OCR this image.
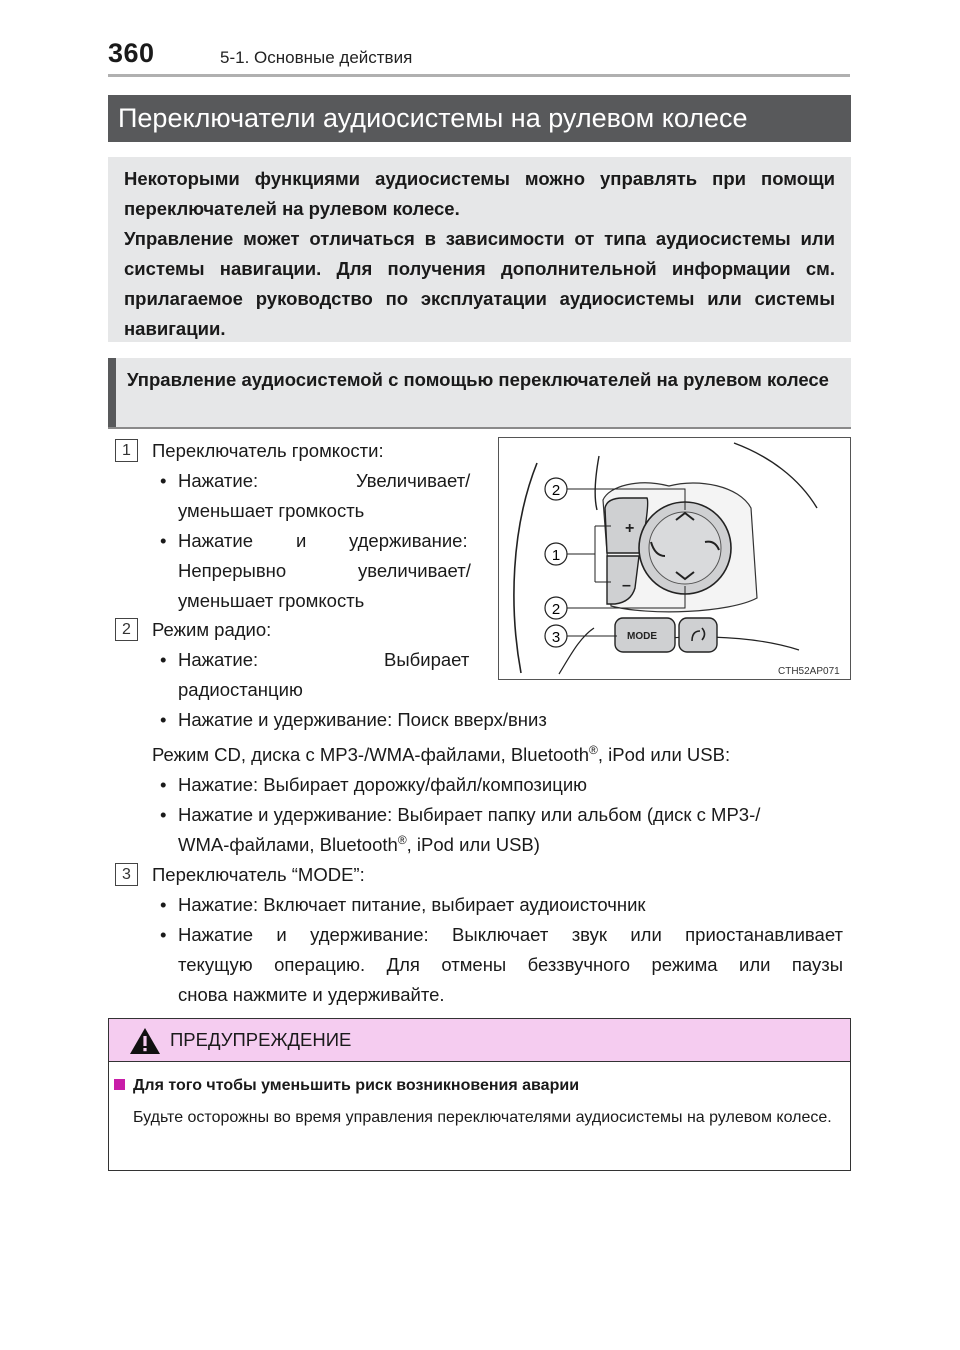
360	5-1. Основные действия
Переключатели аудиосистемы на рулевом колесе

Некоторыми функциями аудиосистемы можно управлять при помощи переключателей на рулевом колесе.

Управление может отличаться в зависимости от типа аудиосистемы или системы навигации. Для получения дополнительной информации см. прилагаемое руководство по эксплуатации аудиосистемы или системы навигации.

Управление аудиосистемой с помощью переключателей на рулевом колесе
1	Переключатель громкости:
• Нажатие:	Увеличивает/
уменьшает громкость
• Нажатие и удерживание:
Непрерывно	увеличивает/
уменьшает громкость
2	Режим радио:
• Нажатие:	Выбирает
радиостанцию
• Нажатие и удерживание: Поиск вверх/вниз
Режим CD, диска с MP3-/WMA-файлами, Bluetooth®, iPod или USB:
• Нажатие: Выбирает дорожку/файл/композицию
• Нажатие и удерживание: Выбирает папку или альбом (диск с MP3-/
WMA-файлами, Bluetooth®, iPod или USB)
3	Переключатель “MODE”:
• Нажатие: Включает питание, выбирает аудиоисточник
• Нажатие и удерживание: Выключает звук или приостанавливает
текущую операцию. Для отмены беззвучного режима или паузы
снова нажмите и удерживайте.
+
–
MODE
2
1
2
3
CTH52AP071
ПРЕДУПРЕЖДЕНИЕ
Для того чтобы уменьшить риск возникновения аварии
Будьте осторожны во время управления переключателями аудиосистемы на рулевом колесе.
